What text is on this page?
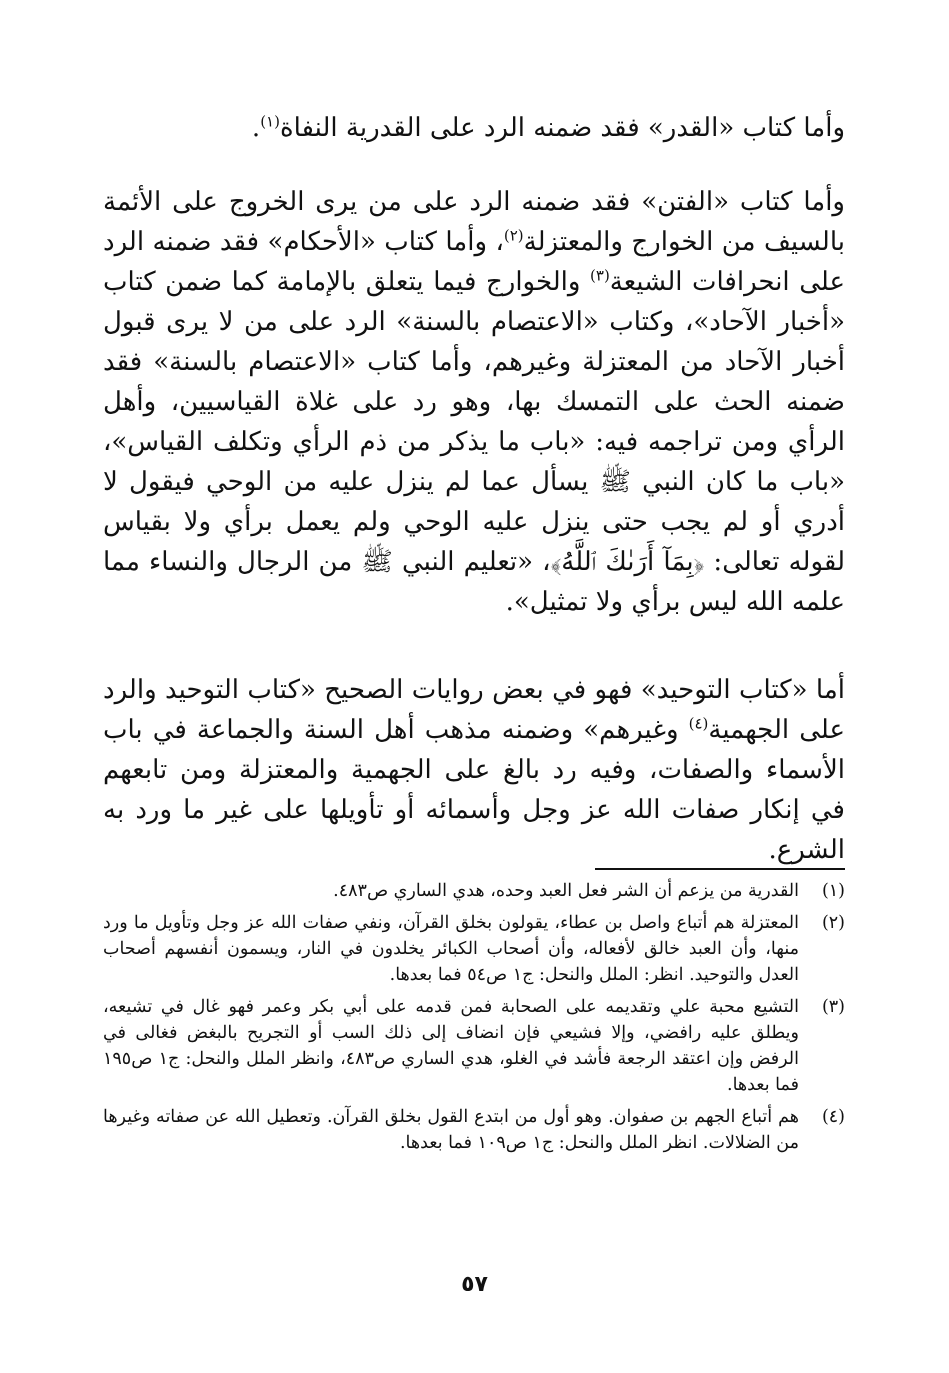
وأما كتاب «القدر» فقد ضمنه الرد على القدرية النفاة$^{(١)}$.

وأما كتاب «الفتن» فقد ضمنه الرد على من يرى الخروج على الأئمة بالسيف من الخوارج والمعتزلة$^{(٢)}$، وأما كتاب «الأحكام» فقد ضمنه الرد على انحرافات الشيعة$^{(٣)}$ والخوارج فيما يتعلق بالإمامة كما ضمن كتاب «أخبار الآحاد»، وكتاب «الاعتصام بالسنة» الرد على من لا يرى قبول أخبار الآحاد من المعتزلة وغيرهم، وأما كتاب «الاعتصام بالسنة» فقد ضمنه الحث على التمسك بها، وهو رد على غلاة القياسيين، وأهل الرأي ومن تراجمه فيه: «باب ما يذكر من ذم الرأي وتكلف القياس»، «باب ما كان النبي ﷺ يسأل عما لم ينزل عليه من الوحي فيقول لا أدري أو لم يجب حتى ينزل عليه الوحي ولم يعمل برأي ولا بقياس لقوله تعالى: ﴿بِمَآ أَرَىٰكَ ٱللَّهُ﴾، «تعليم النبي ﷺ من الرجال والنساء مما علمه الله ليس برأي ولا تمثيل».

أما «كتاب التوحيد» فهو في بعض روايات الصحيح «كتاب التوحيد والرد على الجهمية$^{(٤)}$ وغيرهم» وضمنه مذهب أهل السنة والجماعة في باب الأسماء والصفات، وفيه رد بالغ على الجهمية والمعتزلة ومن تابعهم في إنكار صفات الله عز وجل وأسمائه أو تأويلها على غير ما ورد به الشرع.

(١)
القدرية من يزعم أن الشر فعل العبد وحده، هدي الساري ص٤٨٣.
(٢)
المعتزلة هم أتباع واصل بن عطاء، يقولون بخلق القرآن، ونفي صفات الله عز وجل وتأويل ما ورد منها، وأن العبد خالق لأفعاله، وأن أصحاب الكبائر يخلدون في النار، ويسمون أنفسهم أصحاب العدل والتوحيد. انظر: الملل والنحل: ج١ ص٥٤ فما بعدها.
(٣)
التشيع محبة علي وتقديمه على الصحابة فمن قدمه على أبي بكر وعمر فهو غال في تشيعه، ويطلق عليه رافضي، وإلا فشيعي فإن انضاف إلى ذلك السب أو التجريح بالبغض فغالى في الرفض وإن اعتقد الرجعة فأشد في الغلو، هدي الساري ص٤٨٣، وانظر الملل والنحل: ج١ ص١٩٥ فما بعدها.
(٤)
هم أتباع الجهم بن صفوان. وهو أول من ابتدع القول بخلق القرآن. وتعطيل الله عن صفاته وغيرها من الضلالات. انظر الملل والنحل: ج١ ص١٠٩ فما بعدها.
٥٧
